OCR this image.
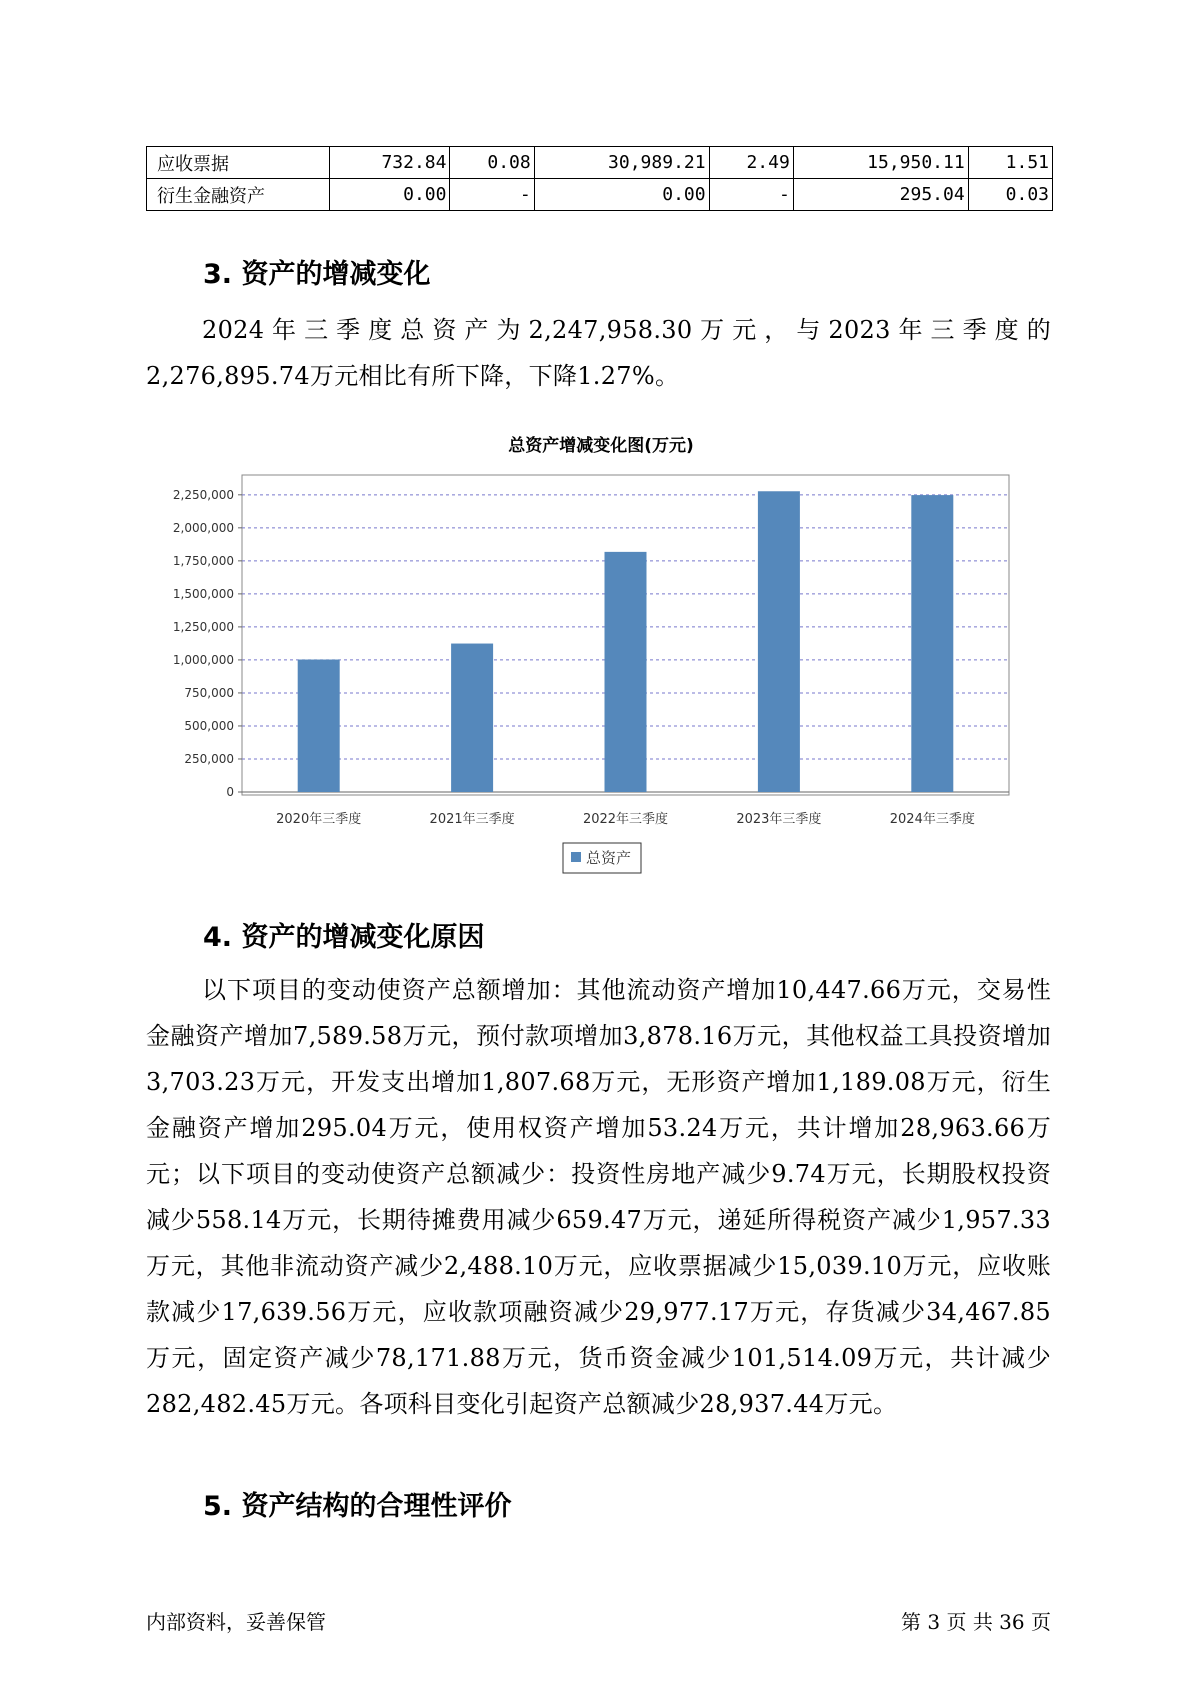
应收票据	732.84	0.08	30,989.21	2.49	15,950.11	1.51
衍生金融资产	0.00	-	0.00	-	295.04	0.03
3. 资产的增减变化

2024年三季度总资产为2,247,958.30万元，与2023年三季度的2,276,895.74万元相比有所下降，下降1.27%。

总资产增减变化图(万元)
0
250,000
500,000
750,000
1,000,000
1,250,000
1,500,000
1,750,000
2,000,000
2,250,000
2020年三季度	2021年三季度	2022年三季度	2023年三季度	2024年三季度
总资产
4. 资产的增减变化原因

以下项目的变动使资产总额增加：其他流动资产增加10,447.66万元，交易性金融资产增加7,589.58万元，预付款项增加3,878.16万元，其他权益工具投资增加3,703.23万元，开发支出增加1,807.68万元，无形资产增加1,189.08万元，衍生金融资产增加295.04万元，使用权资产增加53.24万元，共计增加28,963.66万元；以下项目的变动使资产总额减少：投资性房地产减少9.74万元，长期股权投资减少558.14万元，长期待摊费用减少659.47万元，递延所得税资产减少1,957.33万元，其他非流动资产减少2,488.10万元，应收票据减少15,039.10万元，应收账款减少17,639.56万元，应收款项融资减少29,977.17万元，存货减少34,467.85万元，固定资产减少78,171.88万元，货币资金减少101,514.09万元，共计减少282,482.45万元。各项科目变化引起资产总额减少28,937.44万元。

5. 资产结构的合理性评价
内部资料，妥善保管	第 3 页 共 36 页
